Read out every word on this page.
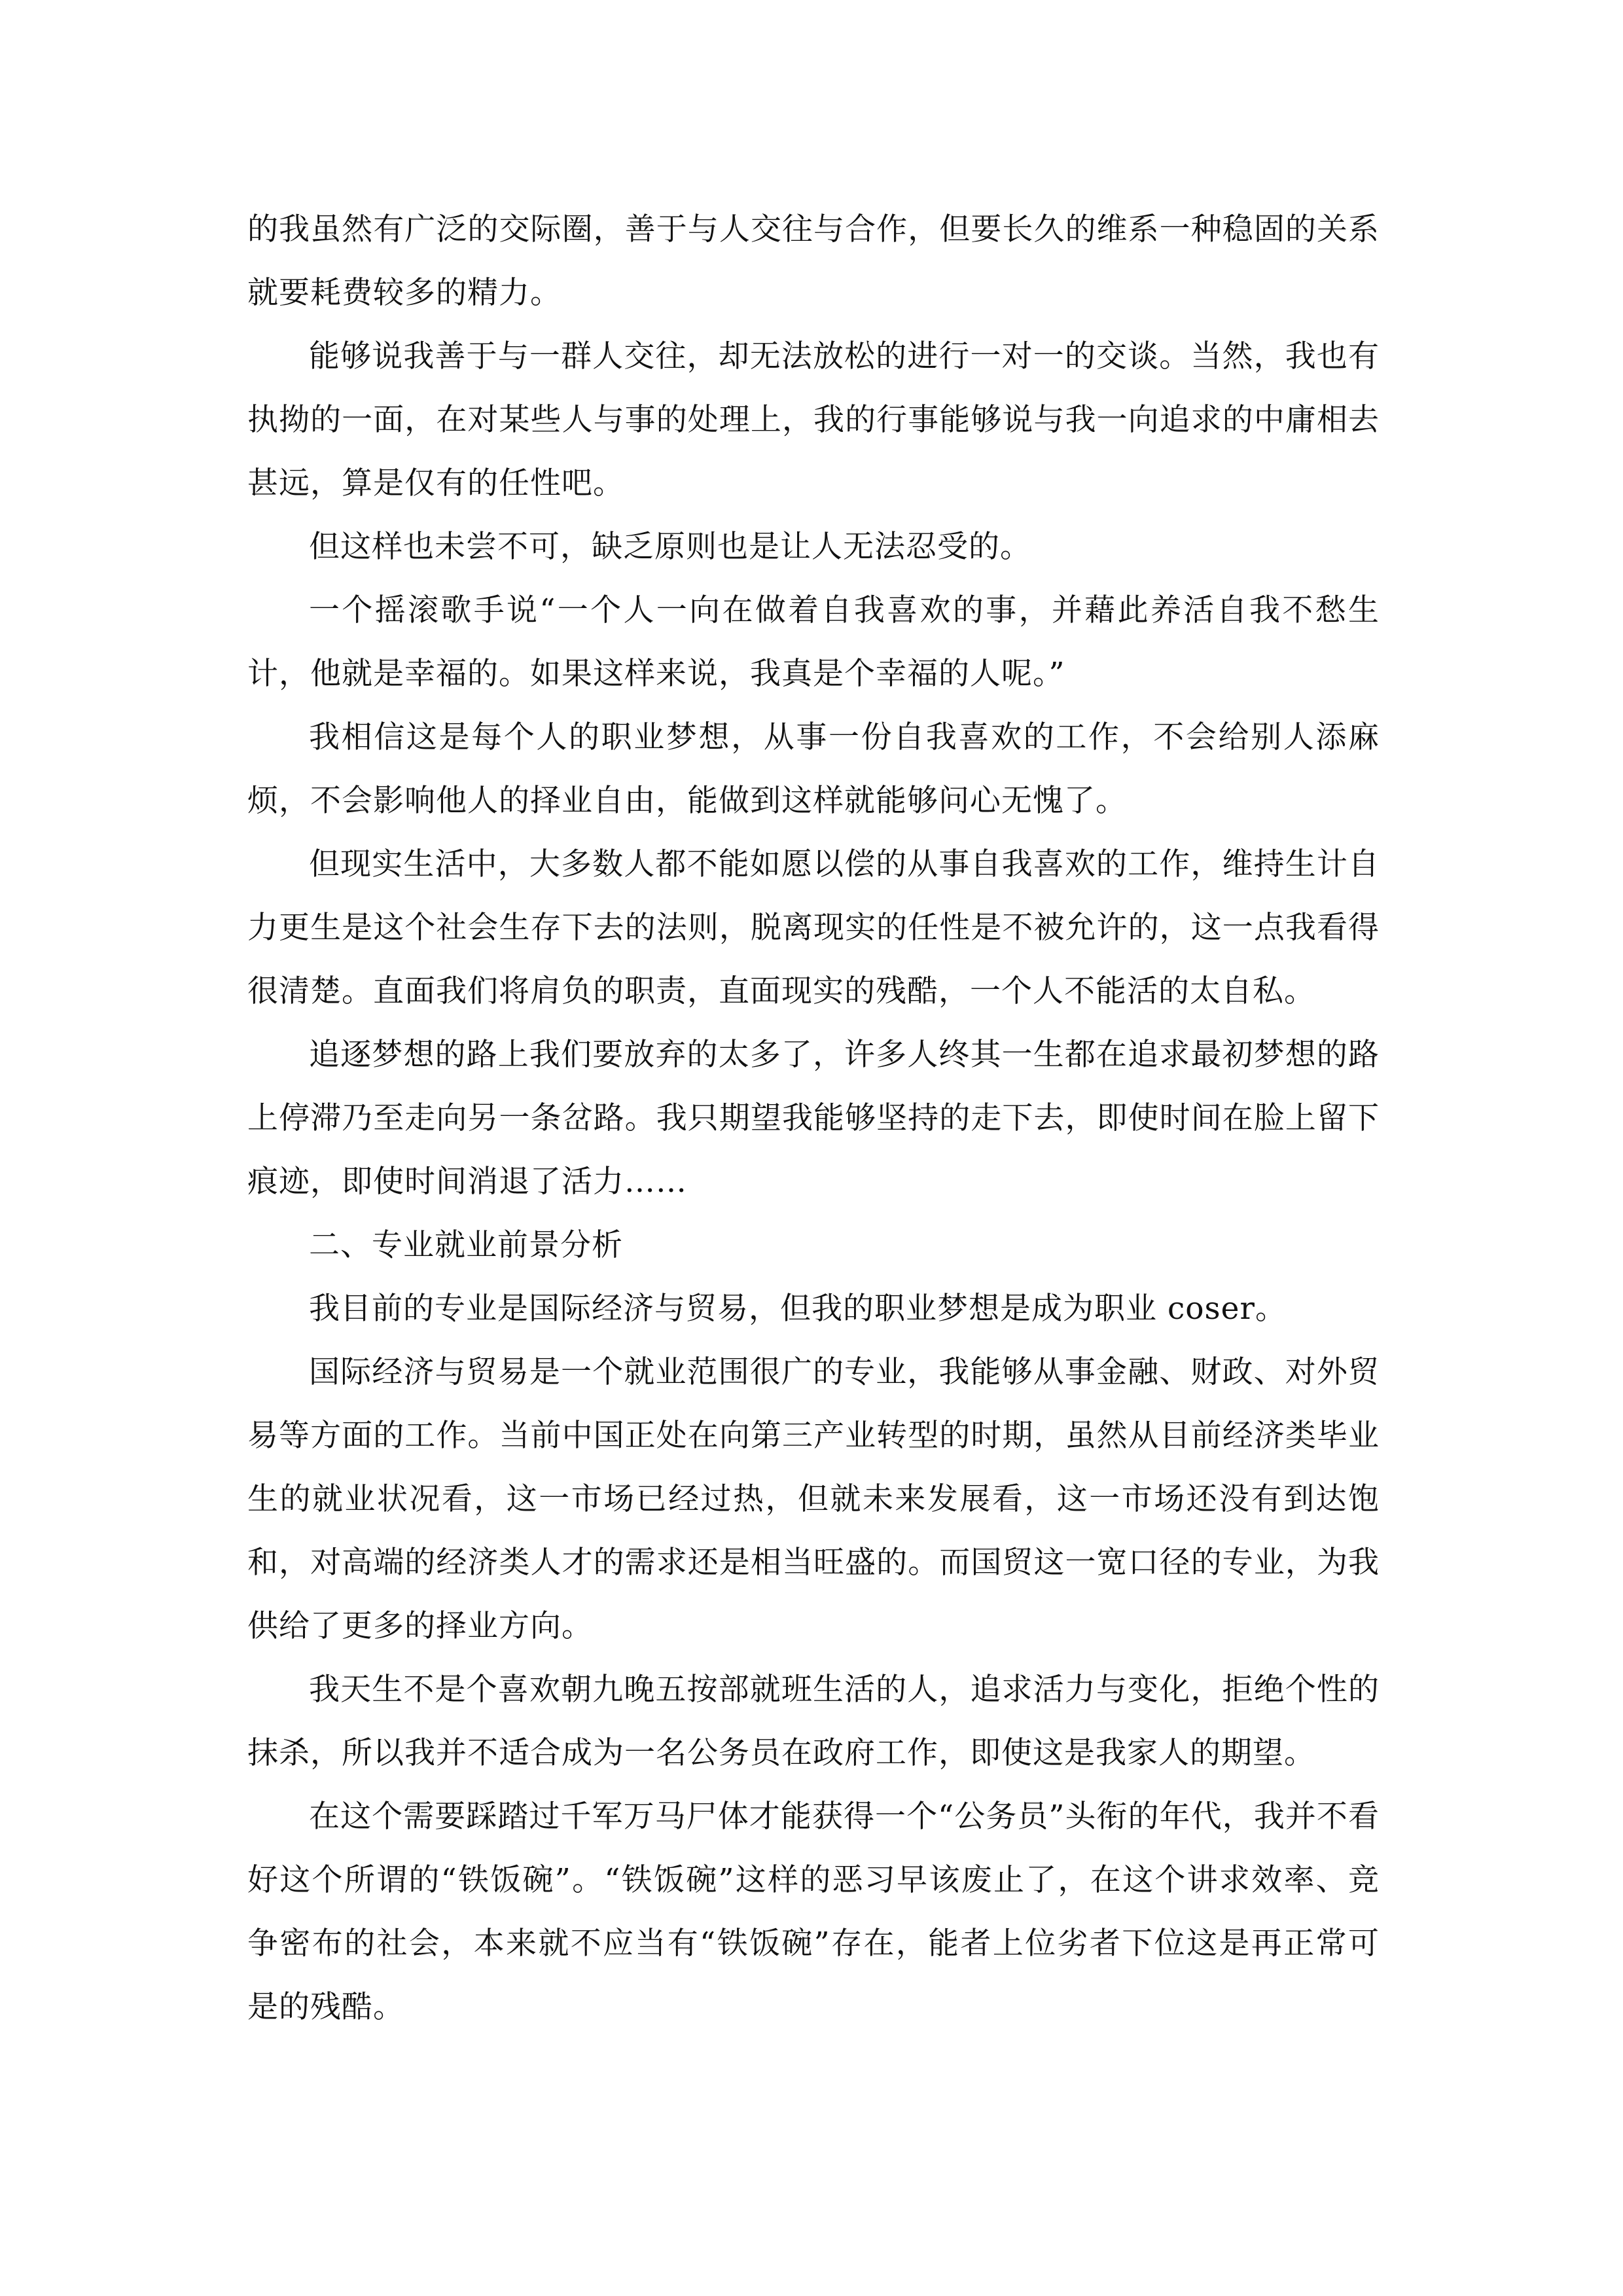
的我虽然有广泛的交际圈，善于与人交往与合作，但要长久的维系一种稳固的关系就要耗费较多的精力。

能够说我善于与一群人交往，却无法放松的进行一对一的交谈。当然，我也有执拗的一面，在对某些人与事的处理上，我的行事能够说与我一向追求的中庸相去甚远，算是仅有的任性吧。

但这样也未尝不可，缺乏原则也是让人无法忍受的。

一个摇滚歌手说“一个人一向在做着自我喜欢的事，并藉此养活自我不愁生计，他就是幸福的。如果这样来说，我真是个幸福的人呢。”

我相信这是每个人的职业梦想，从事一份自我喜欢的工作，不会给别人添麻烦，不会影响他人的择业自由，能做到这样就能够问心无愧了。

但现实生活中，大多数人都不能如愿以偿的从事自我喜欢的工作，维持生计自力更生是这个社会生存下去的法则，脱离现实的任性是不被允许的，这一点我看得很清楚。直面我们将肩负的职责，直面现实的残酷，一个人不能活的太自私。

追逐梦想的路上我们要放弃的太多了，许多人终其一生都在追求最初梦想的路上停滞乃至走向另一条岔路。我只期望我能够坚持的走下去，即使时间在脸上留下痕迹，即使时间消退了活力……

二、专业就业前景分析

我目前的专业是国际经济与贸易，但我的职业梦想是成为职业 coser。

国际经济与贸易是一个就业范围很广的专业，我能够从事金融、财政、对外贸易等方面的工作。当前中国正处在向第三产业转型的时期，虽然从目前经济类毕业生的就业状况看，这一市场已经过热，但就未来发展看，这一市场还没有到达饱和，对高端的经济类人才的需求还是相当旺盛的。而国贸这一宽口径的专业，为我供给了更多的择业方向。

我天生不是个喜欢朝九晚五按部就班生活的人，追求活力与变化，拒绝个性的抹杀，所以我并不适合成为一名公务员在政府工作，即使这是我家人的期望。

在这个需要踩踏过千军万马尸体才能获得一个“公务员”头衔的年代，我并不看好这个所谓的“铁饭碗”。“铁饭碗”这样的恶习早该废止了，在这个讲求效率、竞争密布的社会，本来就不应当有“铁饭碗”存在，能者上位劣者下位这是再正常可是的残酷。
